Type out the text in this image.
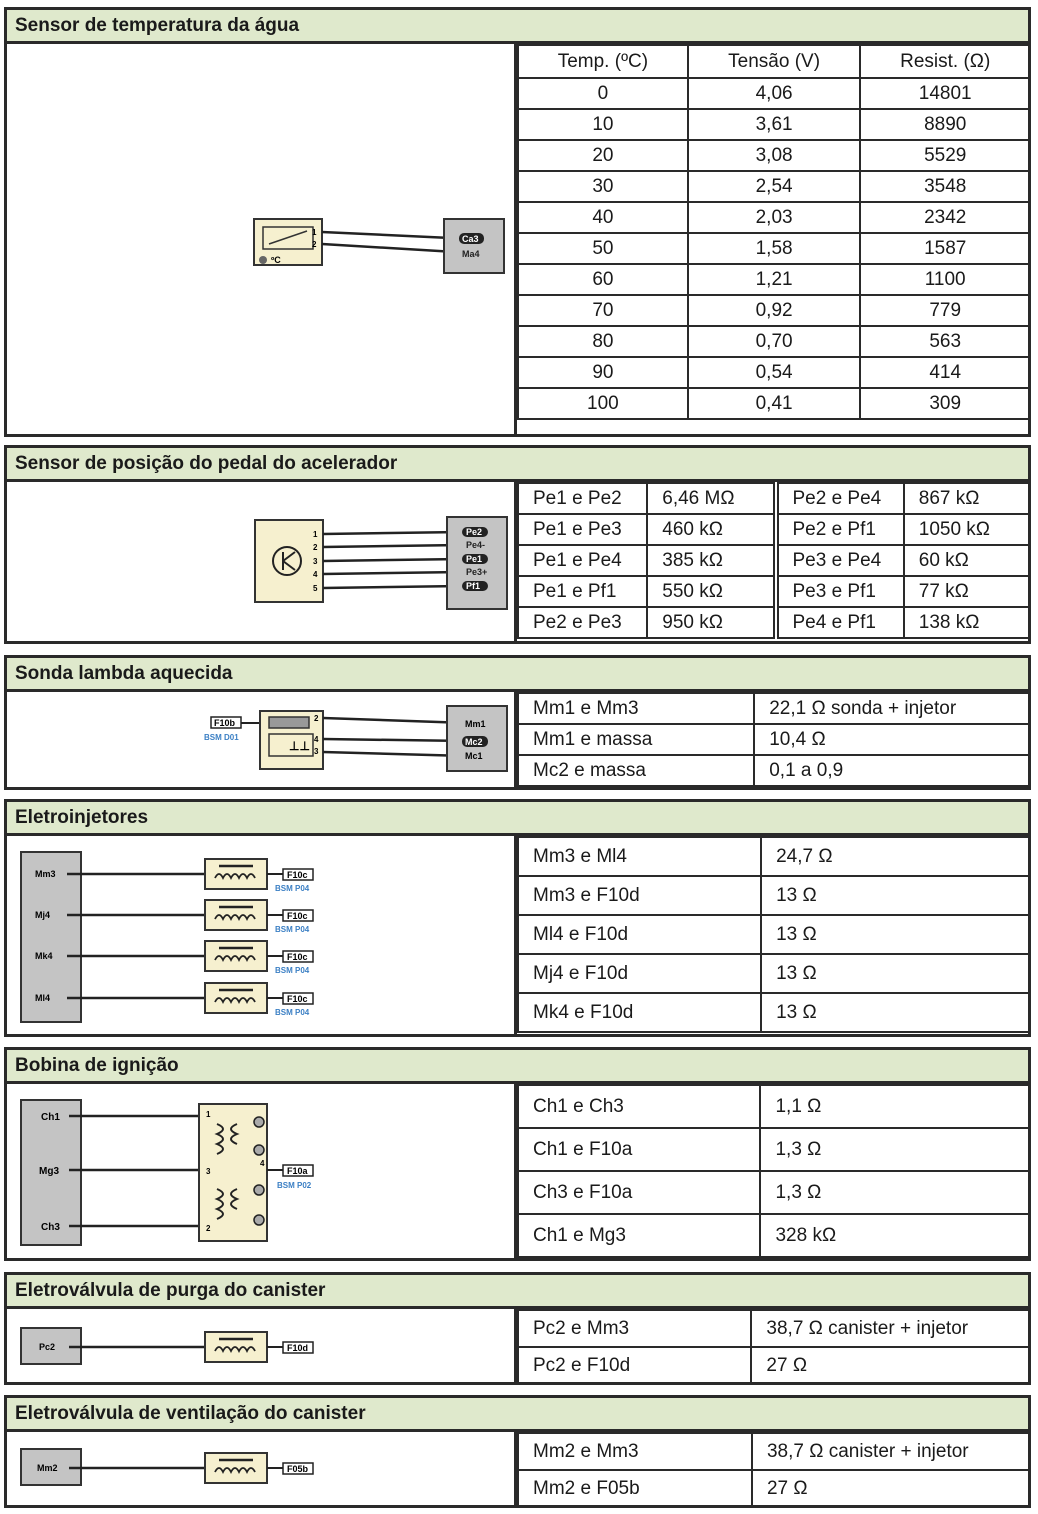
Sensor de temperatura da água
ºC
1
2
Ca3
Ma4
Temp. (ºC)	Tensão (V)	Resist. (Ω)
0	4,06	14801
10	3,61	8890
20	3,08	5529
30	2,54	3548
40	2,03	2342
50	1,58	1587
60	1,21	1100
70	0,92	779
80	0,70	563
90	0,54	414
100	0,41	309
Sensor de posição do pedal do acelerador
1
2
3
4
5
Pe2
Pe4-
Pe1
Pe3+
Pf1
Pe1 e Pe2	6,46 MΩ	Pe2 e Pe4	867 kΩ
Pe1 e Pe3	460 kΩ	Pe2 e Pf1	1050 kΩ
Pe1 e Pe4	385 kΩ	Pe3 e Pe4	60 kΩ
Pe1 e Pf1	550 kΩ	Pe3 e Pf1	77 kΩ
Pe2 e Pe3	950 kΩ	Pe4 e Pf1	138 kΩ
Sonda lambda aquecida
F10b
BSM D01
⊥⊥
2
4
3
Mm1
Mc2
Mc1
Mm1 e Mm3	22,1 Ω sonda + injetor
Mm1 e massa	10,4 Ω
Mc2 e massa	0,1 a 0,9
Eletroinjetores
Mm3	F10c
BSM P04
Mj4	F10c
BSM P04
Mk4	F10c
BSM P04
Ml4	F10c
BSM P04
Mm3 e Ml4	24,7 Ω
Mm3 e F10d	13 Ω
Ml4 e F10d	13 Ω
Mj4 e F10d	13 Ω
Mk4 e F10d	13 Ω
Bobina de ignição
Ch1
Mg3
Ch3
1
3
2
4
F10a
BSM P02
Ch1 e Ch3	1,1 Ω
Ch1 e F10a	1,3 Ω
Ch3 e F10a	1,3 Ω
Ch1 e Mg3	328 kΩ
Eletroválvula de purga do canister
Pc2	F10d
Pc2 e Mm3	38,7 Ω canister + injetor
Pc2 e F10d	27 Ω
Eletroválvula de ventilação do canister
Mm2	F05b
Mm2 e Mm3	38,7 Ω canister + injetor
Mm2 e F05b	27 Ω
